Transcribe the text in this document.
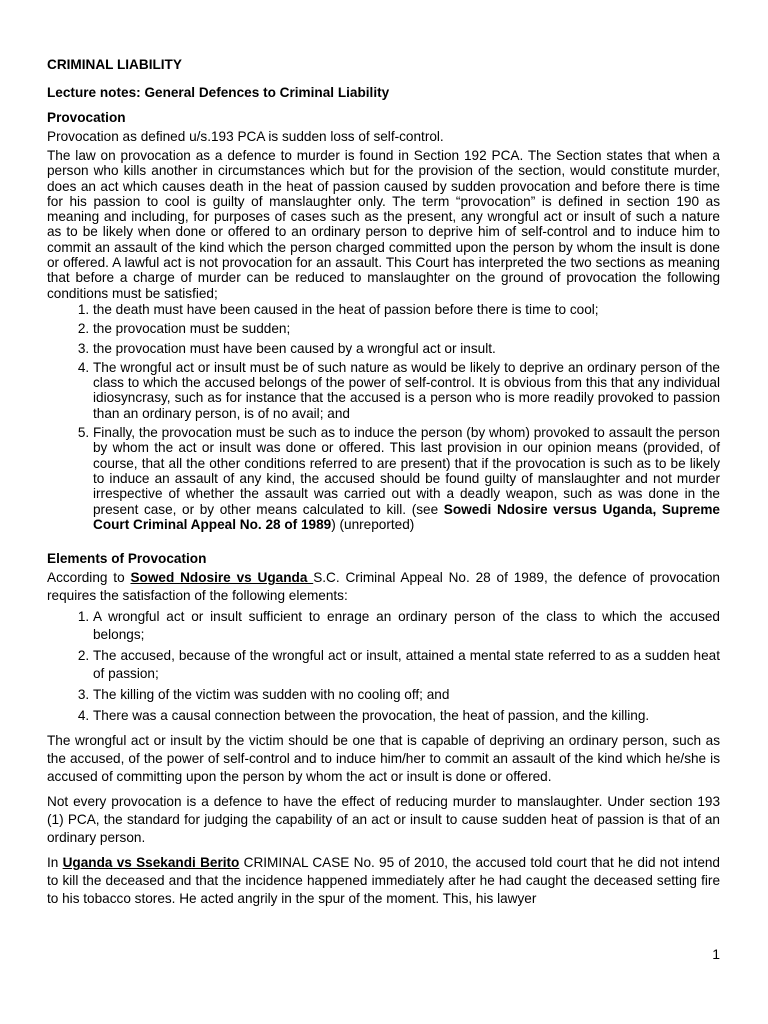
CRIMINAL LIABILITY
Lecture notes: General Defences to Criminal Liability
Provocation

Provocation as defined u/s.193 PCA is sudden loss of self-control.

The law on provocation as a defence to murder is found in Section 192 PCA. The Section states that when a person who kills another in circumstances which but for the provision of the section, would constitute murder, does an act which causes death in the heat of passion caused by sudden provocation and before there is time for his passion to cool is guilty of manslaughter only. The term “provocation” is defined in section 190 as meaning and including, for purposes of cases such as the present, any wrongful act or insult of such a nature as to be likely when done or offered to an ordinary person to deprive him of self-control and to induce him to commit an assault of the kind which the person charged committed upon the person by whom the insult is done or offered. A lawful act is not provocation for an assault. This Court has interpreted the two sections as meaning that before a charge of murder can be reduced to manslaughter on the ground of provocation the following conditions must be satisfied;

1. the death must have been caused in the heat of passion before there is time to cool;
2. the provocation must be sudden;
3. the provocation must have been caused by a wrongful act or insult.
4. The wrongful act or insult must be of such nature as would be likely to deprive an ordinary person of the class to which the accused belongs of the power of self-control. It is obvious from this that any individual idiosyncrasy, such as for instance that the accused is a person who is more readily provoked to passion than an ordinary person, is of no avail; and
5. Finally, the provocation must be such as to induce the person (by whom) provoked to assault the person by whom the act or insult was done or offered. This last provision in our opinion means (provided, of course, that all the other conditions referred to are present) that if the provocation is such as to be likely to induce an assault of any kind, the accused should be found guilty of manslaughter and not murder irrespective of whether the assault was carried out with a deadly weapon, such as was done in the present case, or by other means calculated to kill. (see Sowedi Ndosire versus Uganda, Supreme Court Criminal Appeal No. 28 of 1989) (unreported)
Elements of Provocation

According to Sowed Ndosire vs Uganda S.C. Criminal Appeal No. 28 of 1989, the defence of provocation requires the satisfaction of the following elements:

1. A wrongful act or insult sufficient to enrage an ordinary person of the class to which the accused belongs;
2. The accused, because of the wrongful act or insult, attained a mental state referred to as a sudden heat of passion;
3. The killing of the victim was sudden with no cooling off; and
4. There was a causal connection between the provocation, the heat of passion, and the killing.

The wrongful act or insult by the victim should be one that is capable of depriving an ordinary person, such as the accused, of the power of self-control and to induce him/her to commit an assault of the kind which he/she is accused of committing upon the person by whom the act or insult is done or offered.

Not every provocation is a defence to have the effect of reducing murder to manslaughter. Under section 193 (1) PCA, the standard for judging the capability of an act or insult to cause sudden heat of passion is that of an ordinary person.

In Uganda vs Ssekandi Berito CRIMINAL CASE No. 95 of 2010, the accused told court that he did not intend to kill the deceased and that the incidence happened immediately after he had caught the deceased setting fire to his tobacco stores. He acted angrily in the spur of the moment. This, his lawyer

1
